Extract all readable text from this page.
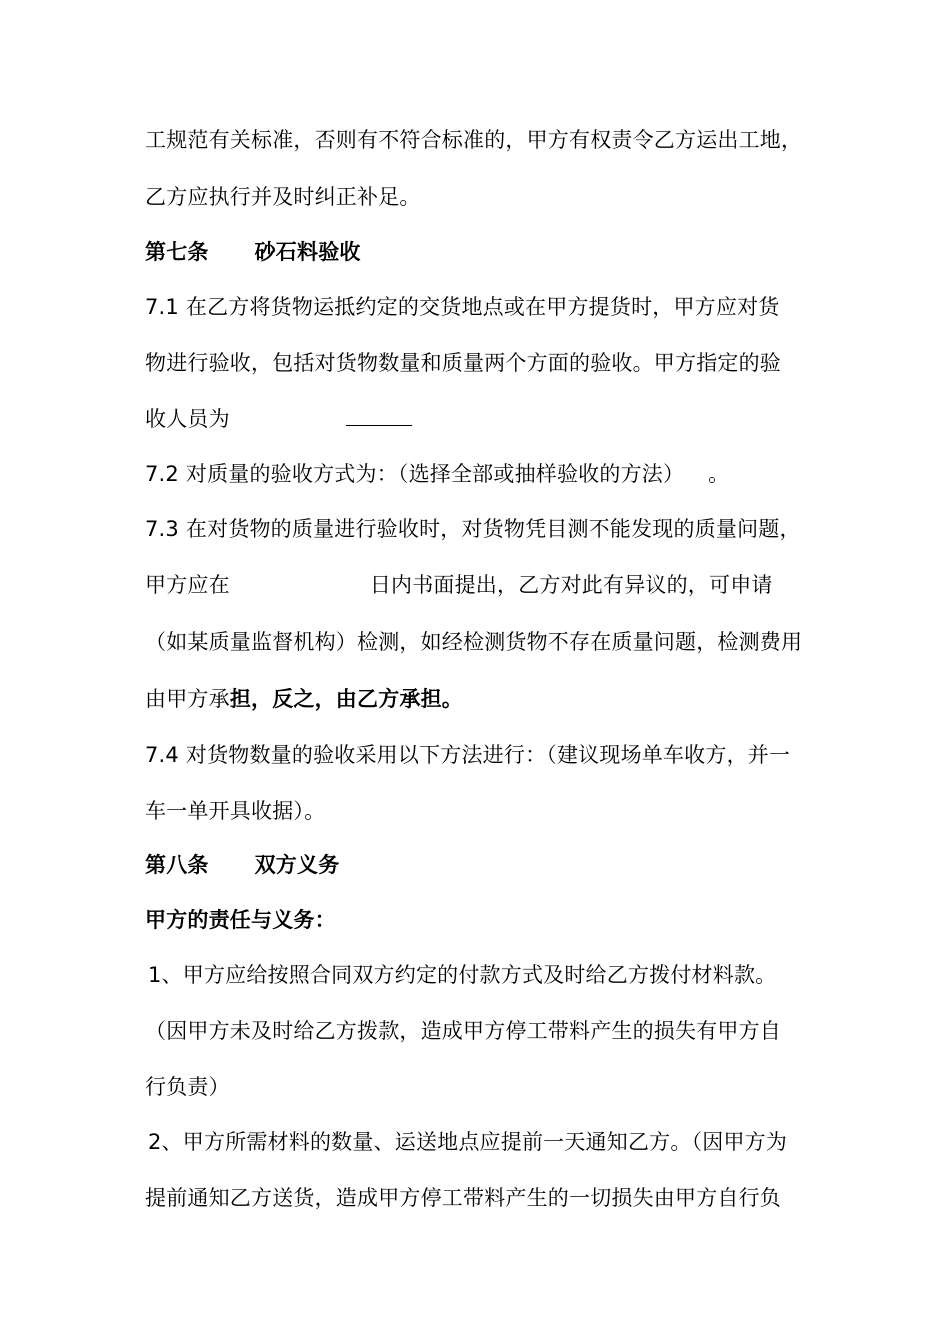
工规范有关标准，否则有不符合标准的，甲方有权责令乙方运出工地，
乙方应执行并及时纠正补足。
第七条 砂石料验收
7.1 在乙方将货物运抵约定的交货地点或在甲方提货时，甲方应对货
物进行验收，包括对货物数量和质量两个方面的验收。甲方指定的验
收人员为
7.2 对质量的验收方式为：（选择全部或抽样验收的方法） 。
7.3 在对货物的质量进行验收时，对货物凭目测不能发现的质量问题，
甲方应在	日内书面提出，乙方对此有异议的，可申请
（如某质量监督机构）检测，如经检测货物不存在质量问题，检测费用
由甲方承担，反之，由乙方承担。
7.4 对货物数量的验收采用以下方法进行：（建议现场单车收方，并一
车一单开具收据）。
第八条 双方义务
甲方的责任与义务：
1、甲方应给按照合同双方约定的付款方式及时给乙方拨付材料款。
（因甲方未及时给乙方拨款，造成甲方停工带料产生的损失有甲方自
行负责）
2、甲方所需材料的数量、运送地点应提前一天通知乙方。（因甲方为
提前通知乙方送货，造成甲方停工带料产生的一切损失由甲方自行负
